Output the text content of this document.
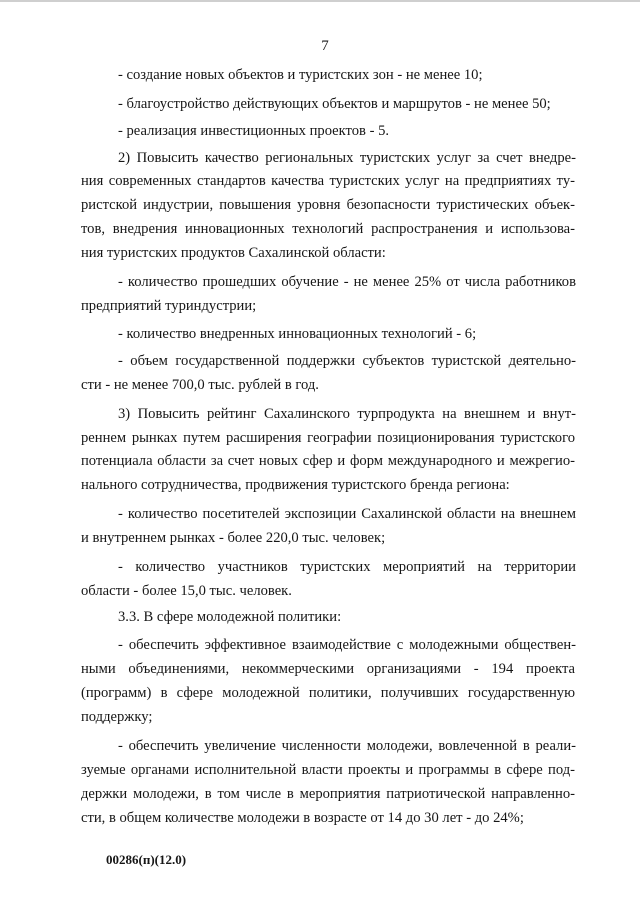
7
- создание новых объектов и туристских зон - не менее 10;
- благоустройство действующих объектов и маршрутов - не менее 50;
- реализация инвестиционных проектов - 5.
2) Повысить качество региональных туристских услуг за счет внедре-
ния современных стандартов качества туристских услуг на предприятиях ту-
ристской индустрии, повышения уровня безопасности туристических объек-
тов, внедрения инновационных технологий распространения и использова-
ния туристских продуктов Сахалинской области:
- количество прошедших обучение - не менее 25% от числа работников
предприятий туриндустрии;
- количество внедренных инновационных технологий - 6;
- объем государственной поддержки субъектов туристской деятельно-
сти - не менее 700,0 тыс. рублей в год.
3) Повысить рейтинг Сахалинского турпродукта на внешнем и внут-
реннем рынках путем расширения географии позиционирования туристского
потенциала области за счет новых сфер и форм международного и межрегио-
нального сотрудничества, продвижения туристского бренда региона:
- количество посетителей экспозиции Сахалинской области на внешнем
и внутреннем рынках - более 220,0 тыс. человек;
- количество участников туристских мероприятий на территории
области - более 15,0 тыс. человек.
3.3. В сфере молодежной политики:
- обеспечить эффективное взаимодействие с молодежными обществен-
ными объединениями, некоммерческими организациями - 194 проекта
(программ) в сфере молодежной политики, получивших государственную
поддержку;
- обеспечить увеличение численности молодежи, вовлеченной в реали-
зуемые органами исполнительной власти проекты и программы в сфере под-
держки молодежи, в том числе в мероприятия патриотической направленно-
сти, в общем количестве молодежи в возрасте от 14 до 30 лет - до 24%;
00286(п)(12.0)
